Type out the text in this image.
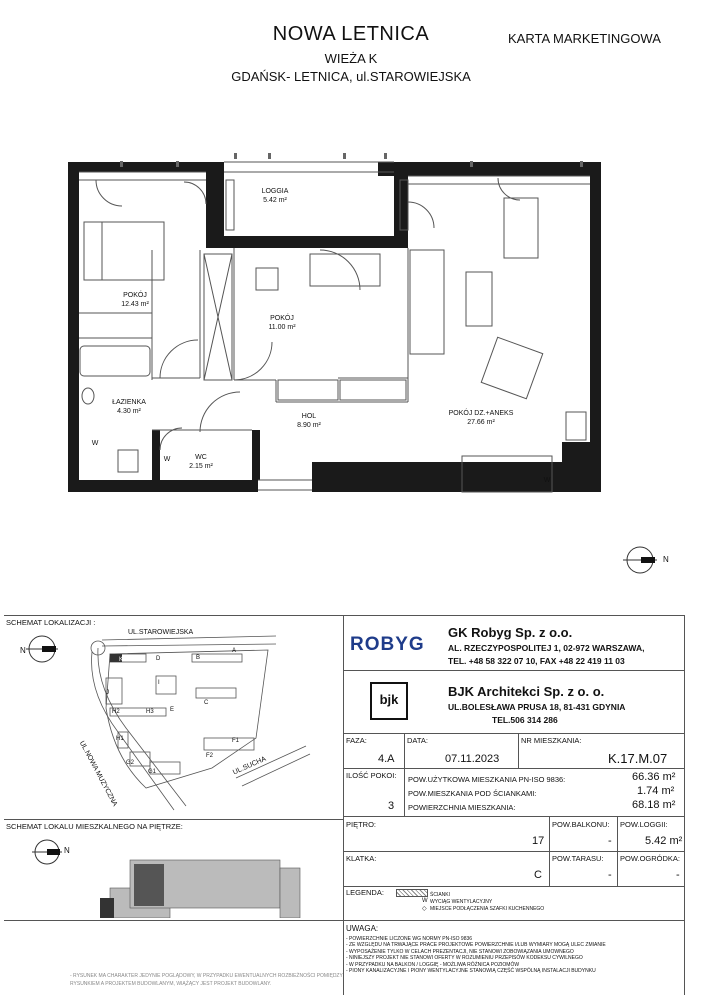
NOWA LETNICA
WIEŻA K
GDAŃSK- LETNICA, ul.STAROWIEJSKA
KARTA MARKETINGOWA
LOGGIA
5.42 m²
POKÓJ
12.43 m²
POKÓJ
11.00 m²
ŁAZIENKA
4.30 m²
HOL
8.90 m²
WC
2.15 m²
POKÓJ DZ.+ANEKS
27.66 m²
W
W
W
N
SCHEMAT LOKALIZACJI :
N
UL.STAROWIEJSKA
UL.NOWA MUZYCZNA	UL.SUCHA
K	D	B
A
J
I
H2	H3	E
C
H1
G2
G1
F2
F1
SCHEMAT LOKALU MIESZKALNEGO NA PIĘTRZE:
N
ROBYG
GK Robyg Sp. z o.o.
AL. RZECZYPOSPOLITEJ 1, 02-972 WARSZAWA,
TEL. +48 58 322 07 10, FAX +48 22 419 11 03
bjk
BJK Architekci Sp. z o. o.
UL.BOLESŁAWA PRUSA 18, 81-431 GDYNIA
TEL.506 314 286
FAZA:
4.A
DATA:
07.11.2023
NR MIESZKANIA:
K.17.M.07
ILOŚĆ POKOI:
3
POW.UŻYTKOWA MIESZKANIA PN-ISO 9836:	66.36 m²
POW.MIESZKANIA POD ŚCIANKAMI:	1.74 m²
POWIERZCHNIA MIESZKANIA:	68.18 m²
PIĘTRO:
17
POW.BALKONU:
-
POW.LOGGII:
5.42 m²
KLATKA:
C
POW.TARASU:
-
POW.OGRÓDKA:
-
LEGENDA:	ŚCIANKI
W WYCIĄG WENTYLACYJNY
◇ MIEJSCE PODŁĄCZENIA SZAFKI KUCHENNEGO
UWAGA:
- POWIERZCHNIE LICZONE WG NORMY PN-ISO 9836
- ZE WZGLĘDU NA TRWAJĄCE PRACE PROJEKTOWE POWIERZCHNIE I/LUB WYMIARY MOGĄ ULEC ZMIANIE
- WYPOSAŻENIE TYLKO W CELACH PREZENTACJI, NIE STANOWI ZOBOWIĄZANIA UMOWNEGO
- NINIEJSZY PROJEKT NIE STANOWI OFERTY W ROZUMIENIU PRZEPISÓW KODEKSU CYWILNEGO
- W PRZYPADKU NA BALKON / LOGGIĘ - MOŻLIWA RÓŻNICA POZIOMÓW
- PIONY KANALIZACYJNE I PIONY WENTYLACYJNE STANOWIĄ CZĘŚĆ WSPÓLNĄ INSTALACJI BUDYNKU
- RYSUNEK MA CHARAKTER JEDYNIE POGLĄDOWY, W PRZYPADKU EWENTUALNYCH ROZBIEŻNOŚCI POMIĘDZY
RYSUNKIEM A PROJEKTEM BUDOWLANYM, WIĄŻĄCY JEST PROJEKT BUDOWLANY.
